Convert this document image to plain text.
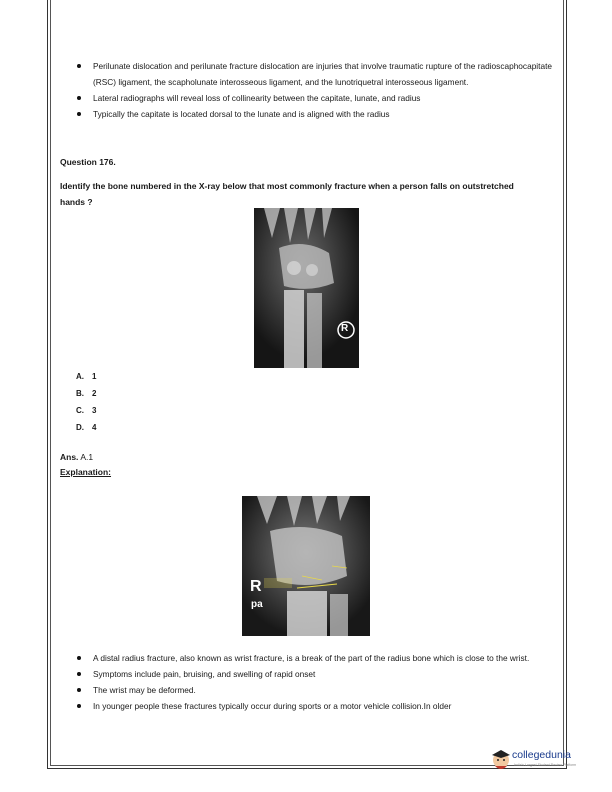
Perilunate dislocation and perilunate fracture dislocation are injuries that involve traumatic rupture of the radioscaphocapitate (RSC) ligament, the scapholunate interosseous ligament, and the lunotriquetral interosseous ligament.
Lateral radiographs will reveal loss of collinearity between the capitate, lunate, and radius
Typically the capitate is located dorsal to the lunate and is aligned with the radius
Question 176.
Identify the bone numbered in the X-ray below that most commonly fracture when a person falls on outstretched hands ?
R
A. 1
B. 2
C. 3
D. 4
Ans. A.1
Explanation:
R
pa
A distal radius fracture, also known as wrist fracture, is a break of the part of the radius bone which is close to the wrist.
Symptoms include pain, bruising, and swelling of rapid onset
The wrist may be deformed.
In younger people these fractures typically occur during sports or a motor vehicle collision.In older
collegedunia
India's Largest Student Review Platform
